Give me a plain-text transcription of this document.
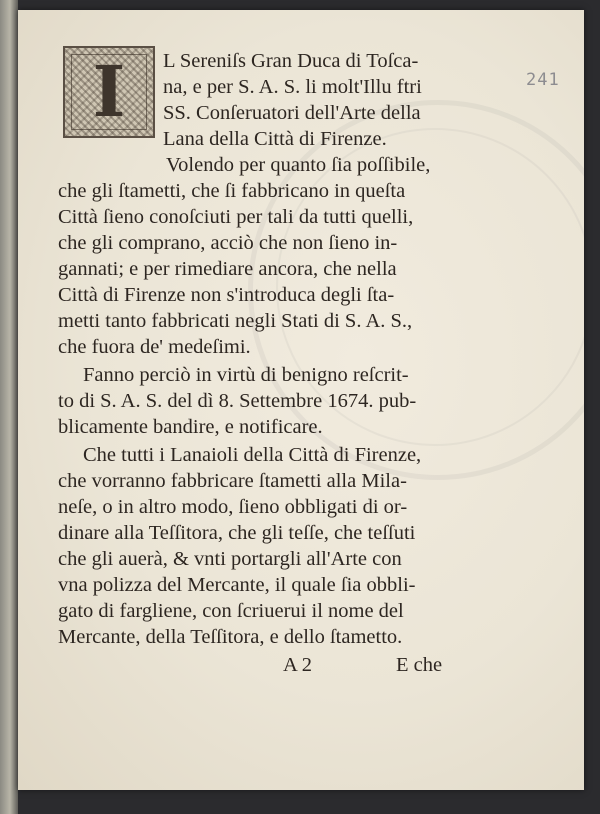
241
I	L Sereniſs Gran Duca di Toſca-
na, e per S. A. S. li molt'Illu ftri
SS. Conſeruatori dell'Arte della
Lana della Città di Firenze.
Volendo per quanto ſia poſſibile,
che gli ſtametti, che ſi fabbricano in queſta
Città ſieno conoſciuti per tali da tutti quelli,
che gli comprano, acciò che non ſieno in-
gannati; e per rimediare ancora, che nella
Città di Firenze non s'introduca degli ſta-
metti tanto fabbricati negli Stati di S. A. S.,
che fuora de' medeſimi.
Fanno perciò in virtù di benigno reſcrit-
to di S. A. S. del dì 8. Settembre 1674. pub-
blicamente bandire, e notificare.
Che tutti i Lanaioli della Città di Firenze,
che vorranno fabbricare ſtametti alla Mila-
neſe, o in altro modo, ſieno obbligati di or-
dinare alla Teſſitora, che gli teſſe, che teſſuti
che gli auerà, & vnti portargli all'Arte con
vna polizza del Mercante, il quale ſia obbli-
gato di fargliene, con ſcriuerui il nome del
Mercante, della Teſſitora, e dello ſtametto.
A 2	E che
